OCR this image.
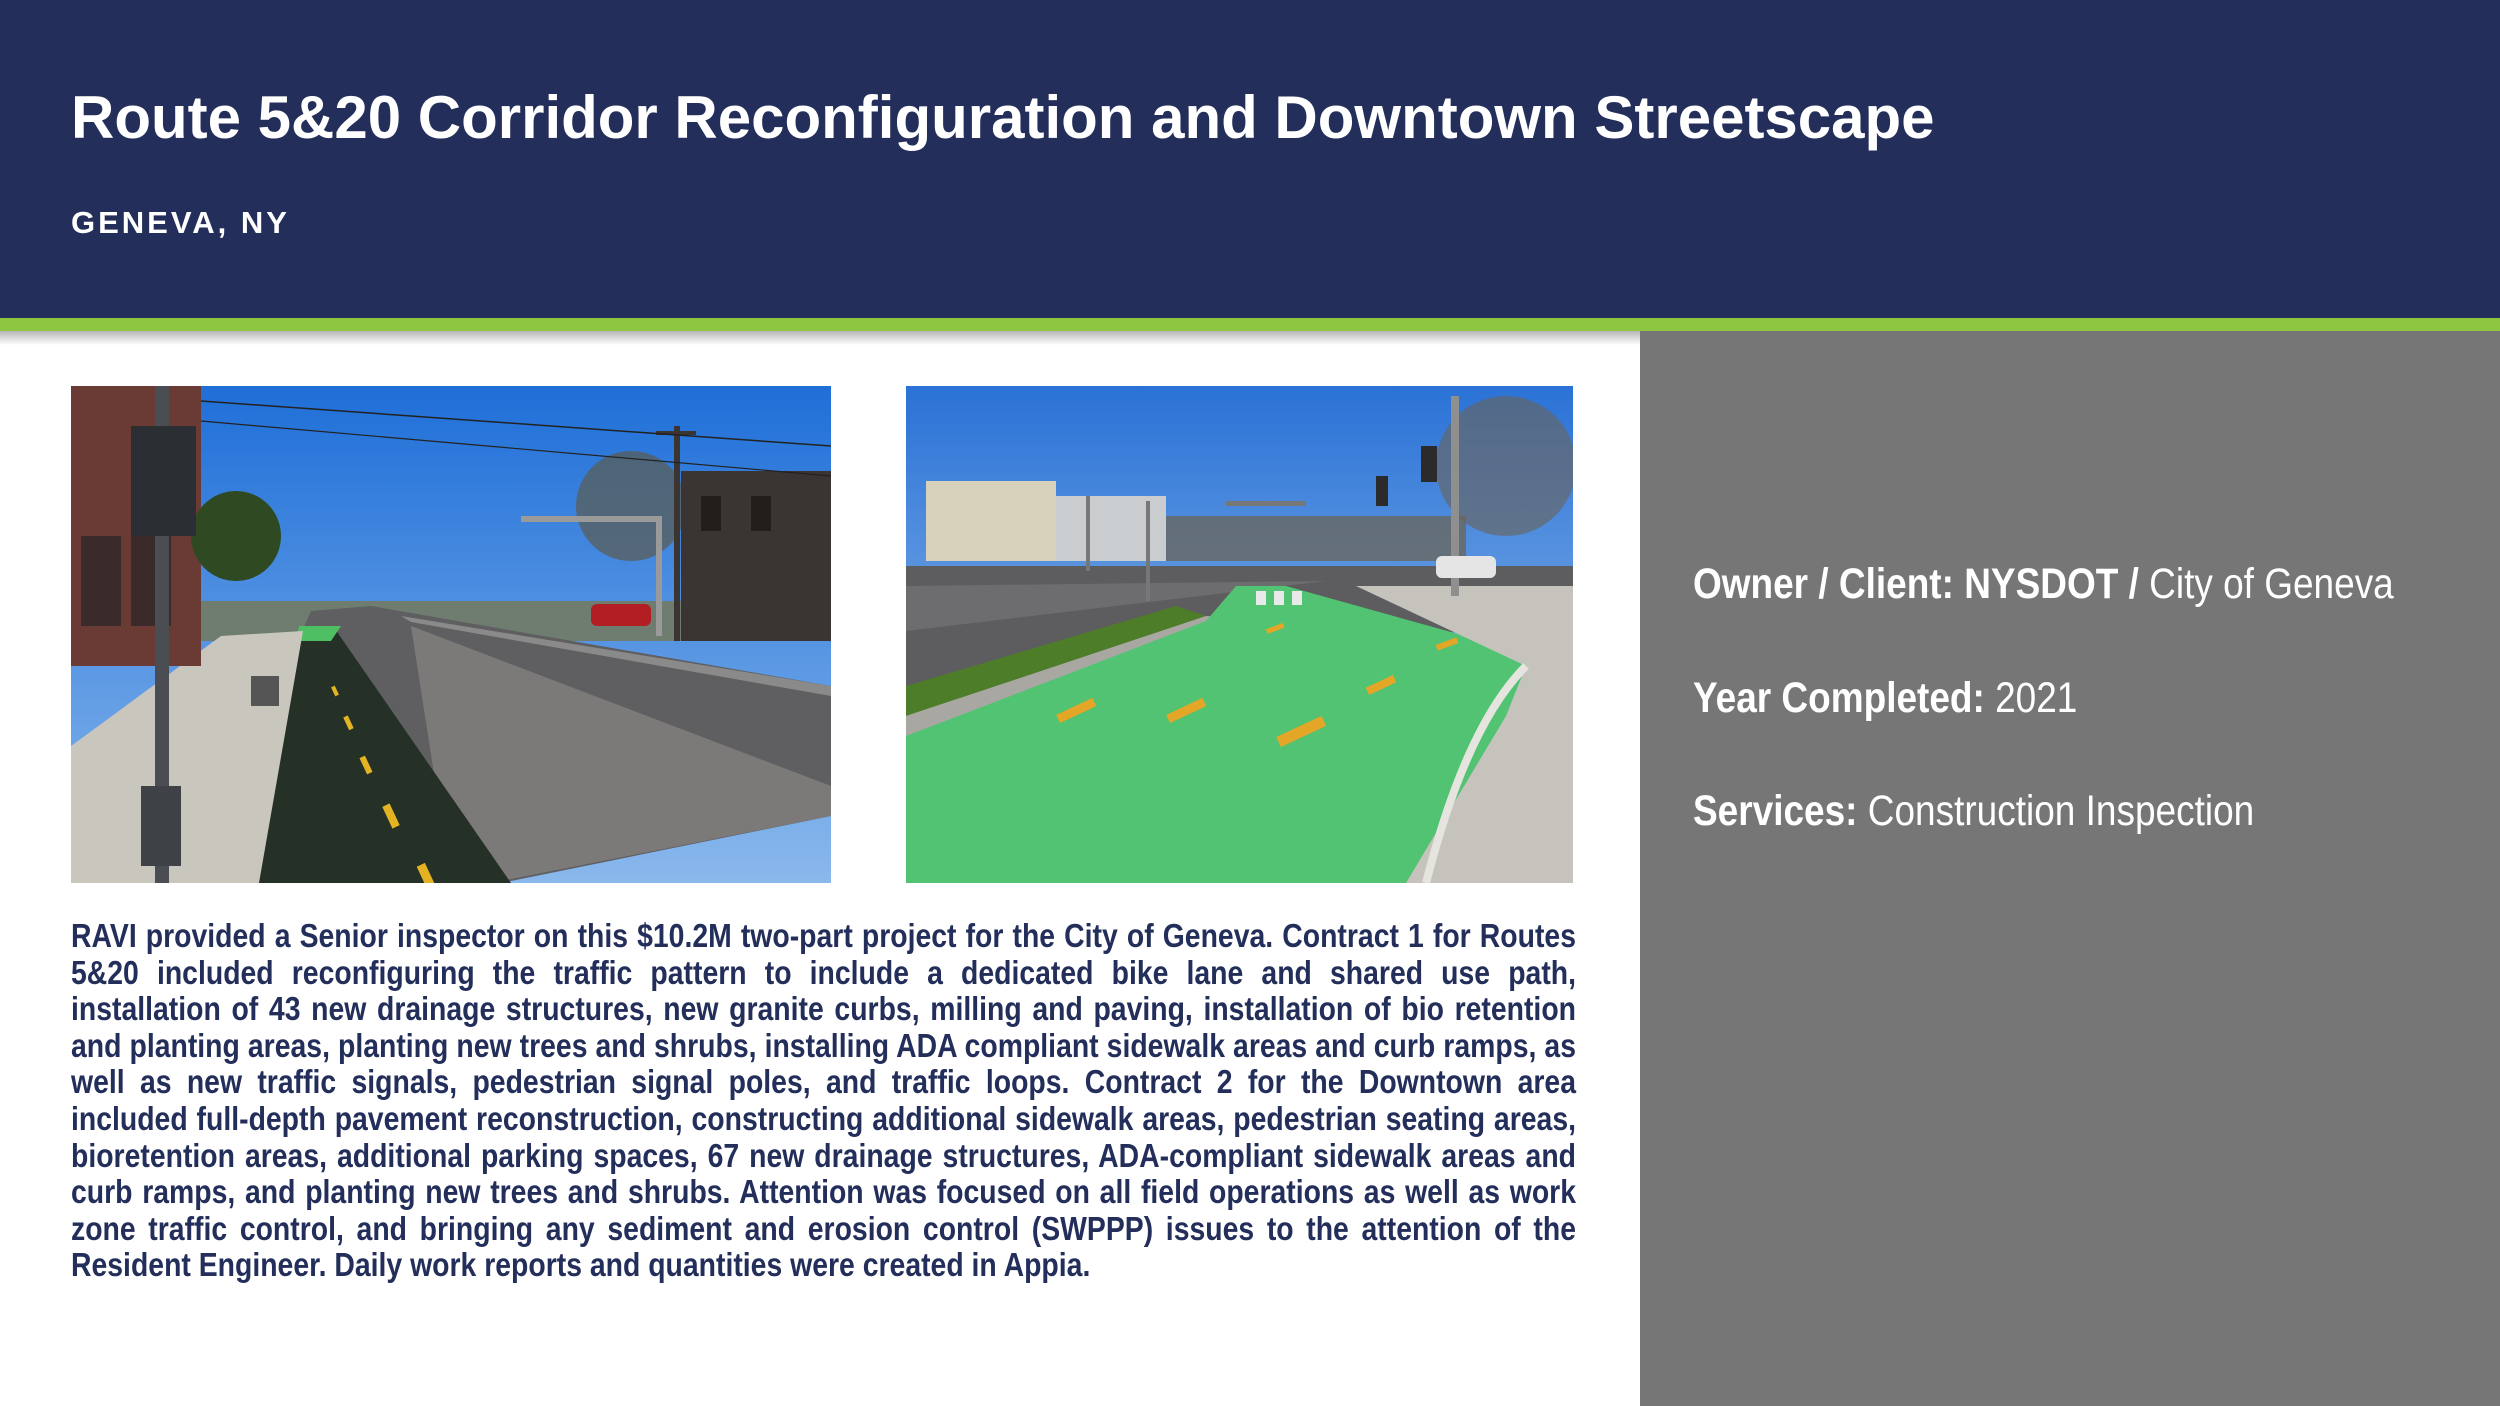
Route 5&20 Corridor Reconfiguration and Downtown Streetscape
GENEVA, NY
Owner / Client: NYSDOT / City of Geneva
Year Completed: 2021
Services: Construction Inspection

RAVI provided a Senior inspector on this $10.2M two-part project for the City of Geneva. Contract 1 for Routes 5&20 included reconfiguring the traffic pattern to include a dedicated bike lane and shared use path, installation of 43 new drainage structures, new granite curbs, milling and paving, installation of bio retention and planting areas, planting new trees and shrubs, installing ADA compliant sidewalk areas and curb ramps, as well as new traffic signals, pedestrian signal poles, and traffic loops. Contract 2 for the Downtown area included full-depth pavement reconstruction, constructing additional sidewalk areas, pedestrian seating areas, bioretention areas, additional parking spaces, 67 new drainage structures, ADA-compliant sidewalk areas and curb ramps, and planting new trees and shrubs. Attention was focused on all field operations as well as work zone traffic control, and bringing any sediment and erosion control (SWPPP) issues to the attention of the Resident Engineer. Daily work reports and quantities were created in Appia.
